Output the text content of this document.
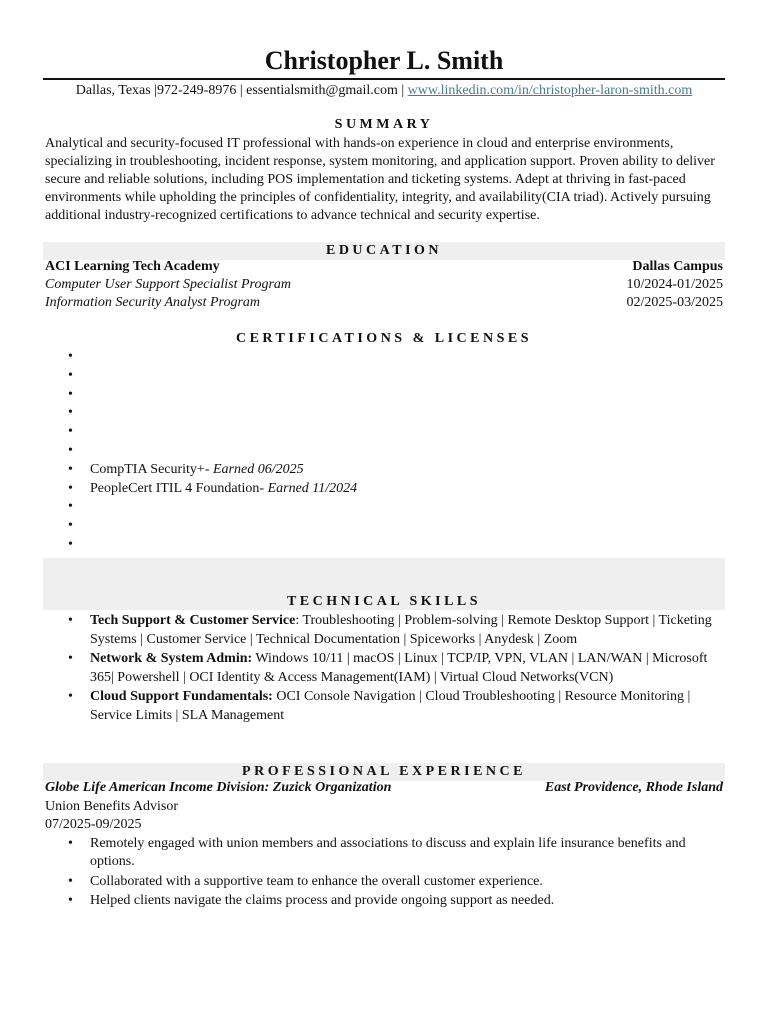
Christopher L. Smith
Dallas, Texas |972-249-8976 | essentialsmith@gmail.com | www.linkedin.com/in/christopher-laron-smith.com
SUMMARY
Analytical and security-focused IT professional with hands-on experience in cloud and enterprise environments, specializing in troubleshooting, incident response, system monitoring, and application support. Proven ability to deliver secure and reliable solutions, including POS implementation and ticketing systems. Adept at thriving in fast-paced environments while upholding the principles of confidentiality, integrity, and availability(CIA triad). Actively pursuing additional industry-recognized certifications to advance technical and security expertise.
EDUCATION
ACI Learning Tech Academy	Dallas Campus
Computer User Support Specialist Program	10/2024-01/2025
Information Security Analyst Program	02/2025-03/2025
CERTIFICATIONS & LICENSES
•
•
•
•
•
•
• CompTIA Security+- Earned 06/2025
• PeopleCert ITIL 4 Foundation- Earned 11/2024
•
•
•
TECHNICAL SKILLS
• Tech Support & Customer Service: Troubleshooting | Problem-solving | Remote Desktop Support | Ticketing Systems | Customer Service | Technical Documentation | Spiceworks | Anydesk | Zoom
• Network & System Admin: Windows 10/11 | macOS | Linux | TCP/IP, VPN, VLAN | LAN/WAN | Microsoft 365| Powershell | OCI Identity & Access Management(IAM) | Virtual Cloud Networks(VCN)
• Cloud Support Fundamentals: OCI Console Navigation | Cloud Troubleshooting | Resource Monitoring | Service Limits | SLA Management
PROFESSIONAL EXPERIENCE
Globe Life American Income Division: Zuzick Organization	East Providence, Rhode Island
Union Benefits Advisor
07/2025-09/2025
• Remotely engaged with union members and associations to discuss and explain life insurance benefits and options.
• Collaborated with a supportive team to enhance the overall customer experience.
• Helped clients navigate the claims process and provide ongoing support as needed.
